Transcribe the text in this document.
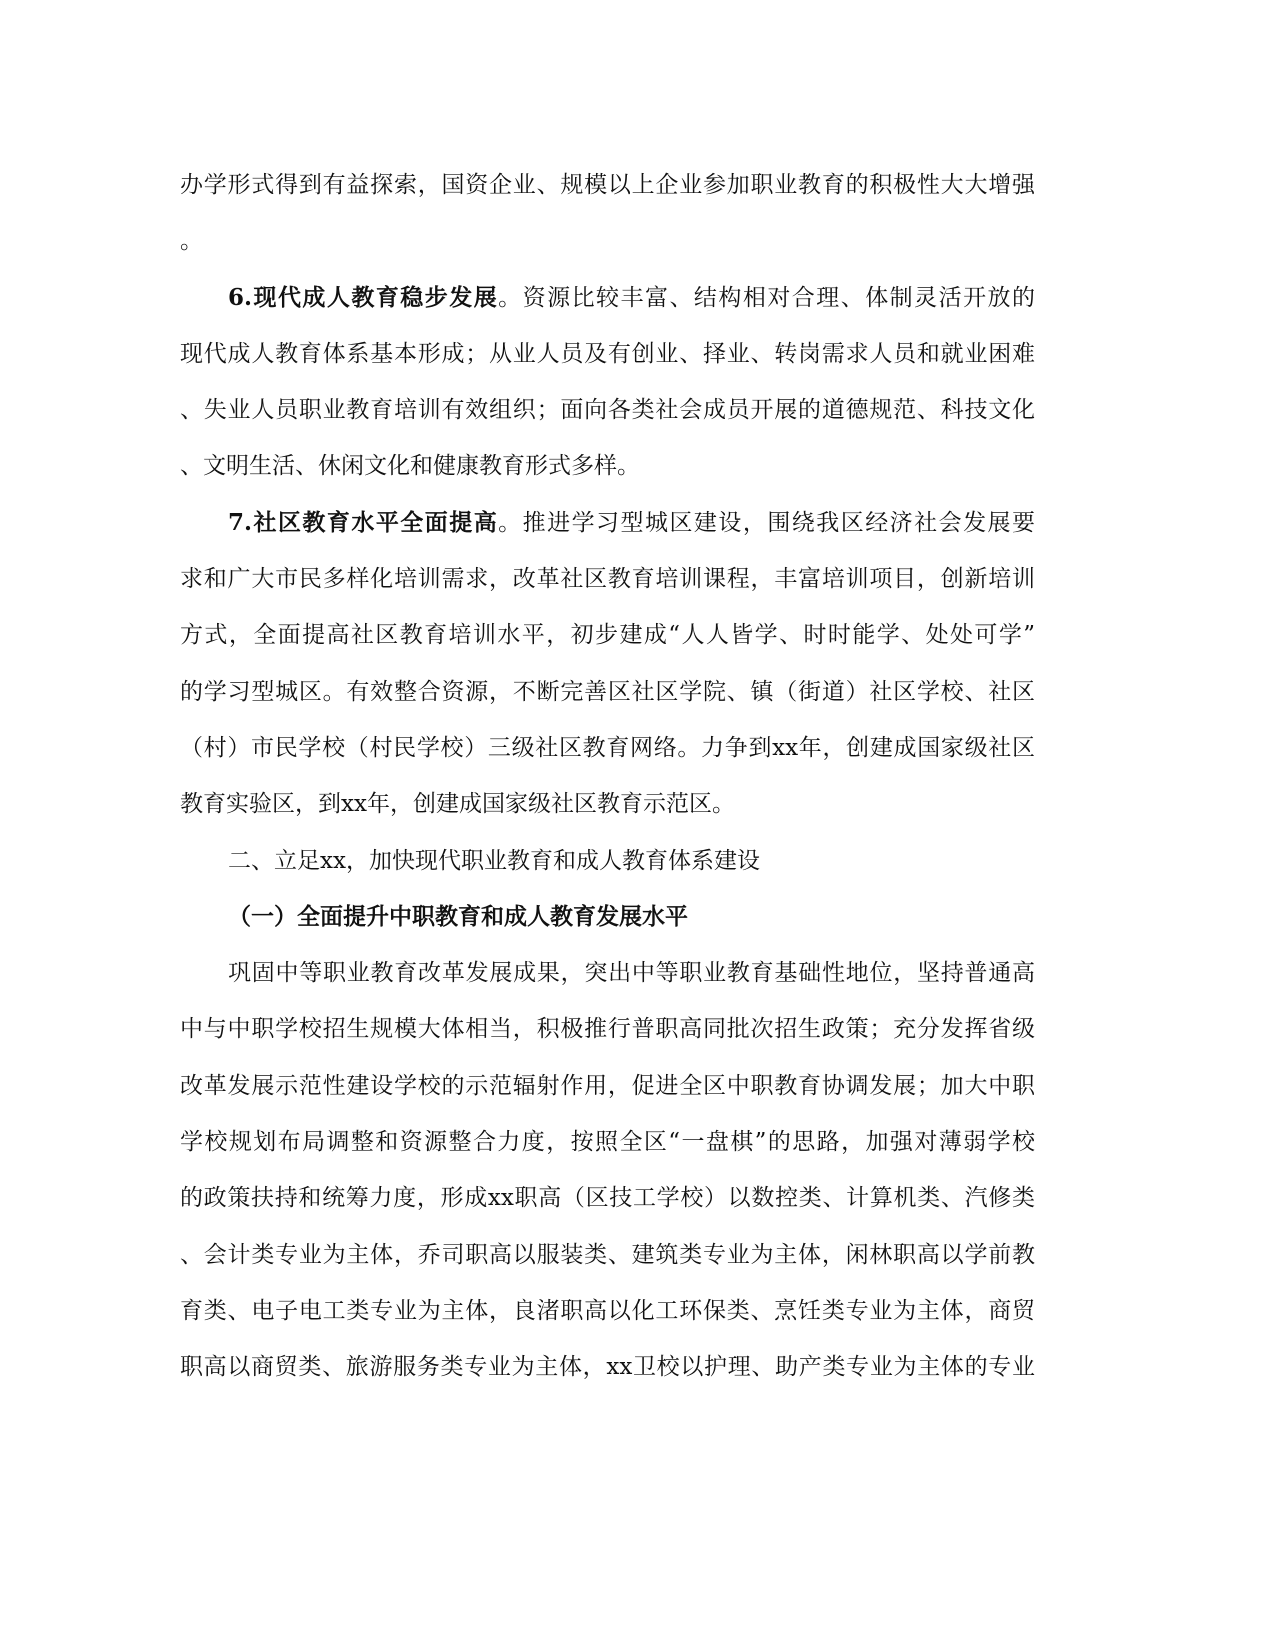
办学形式得到有益探索，国资企业、规模以上企业参加职业教育的积极性大大增强
。
6.现代成人教育稳步发展。资源比较丰富、结构相对合理、体制灵活开放的
现代成人教育体系基本形成；从业人员及有创业、择业、转岗需求人员和就业困难
、失业人员职业教育培训有效组织；面向各类社会成员开展的道德规范、科技文化
、文明生活、休闲文化和健康教育形式多样。
7.社区教育水平全面提高。推进学习型城区建设，围绕我区经济社会发展要
求和广大市民多样化培训需求，改革社区教育培训课程，丰富培训项目，创新培训
方式，全面提高社区教育培训水平，初步建成“人人皆学、时时能学、处处可学”
的学习型城区。有效整合资源，不断完善区社区学院、镇（街道）社区学校、社区
（村）市民学校（村民学校）三级社区教育网络。力争到xx年，创建成国家级社区
教育实验区，到xx年，创建成国家级社区教育示范区。
二、立足xx，加快现代职业教育和成人教育体系建设
（一）全面提升中职教育和成人教育发展水平
巩固中等职业教育改革发展成果，突出中等职业教育基础性地位，坚持普通高
中与中职学校招生规模大体相当，积极推行普职高同批次招生政策；充分发挥省级
改革发展示范性建设学校的示范辐射作用，促进全区中职教育协调发展；加大中职
学校规划布局调整和资源整合力度，按照全区“一盘棋”的思路，加强对薄弱学校
的政策扶持和统筹力度，形成xx职高（区技工学校）以数控类、计算机类、汽修类
、会计类专业为主体，乔司职高以服装类、建筑类专业为主体，闲林职高以学前教
育类、电子电工类专业为主体，良渚职高以化工环保类、烹饪类专业为主体，商贸
职高以商贸类、旅游服务类专业为主体，xx卫校以护理、助产类专业为主体的专业
